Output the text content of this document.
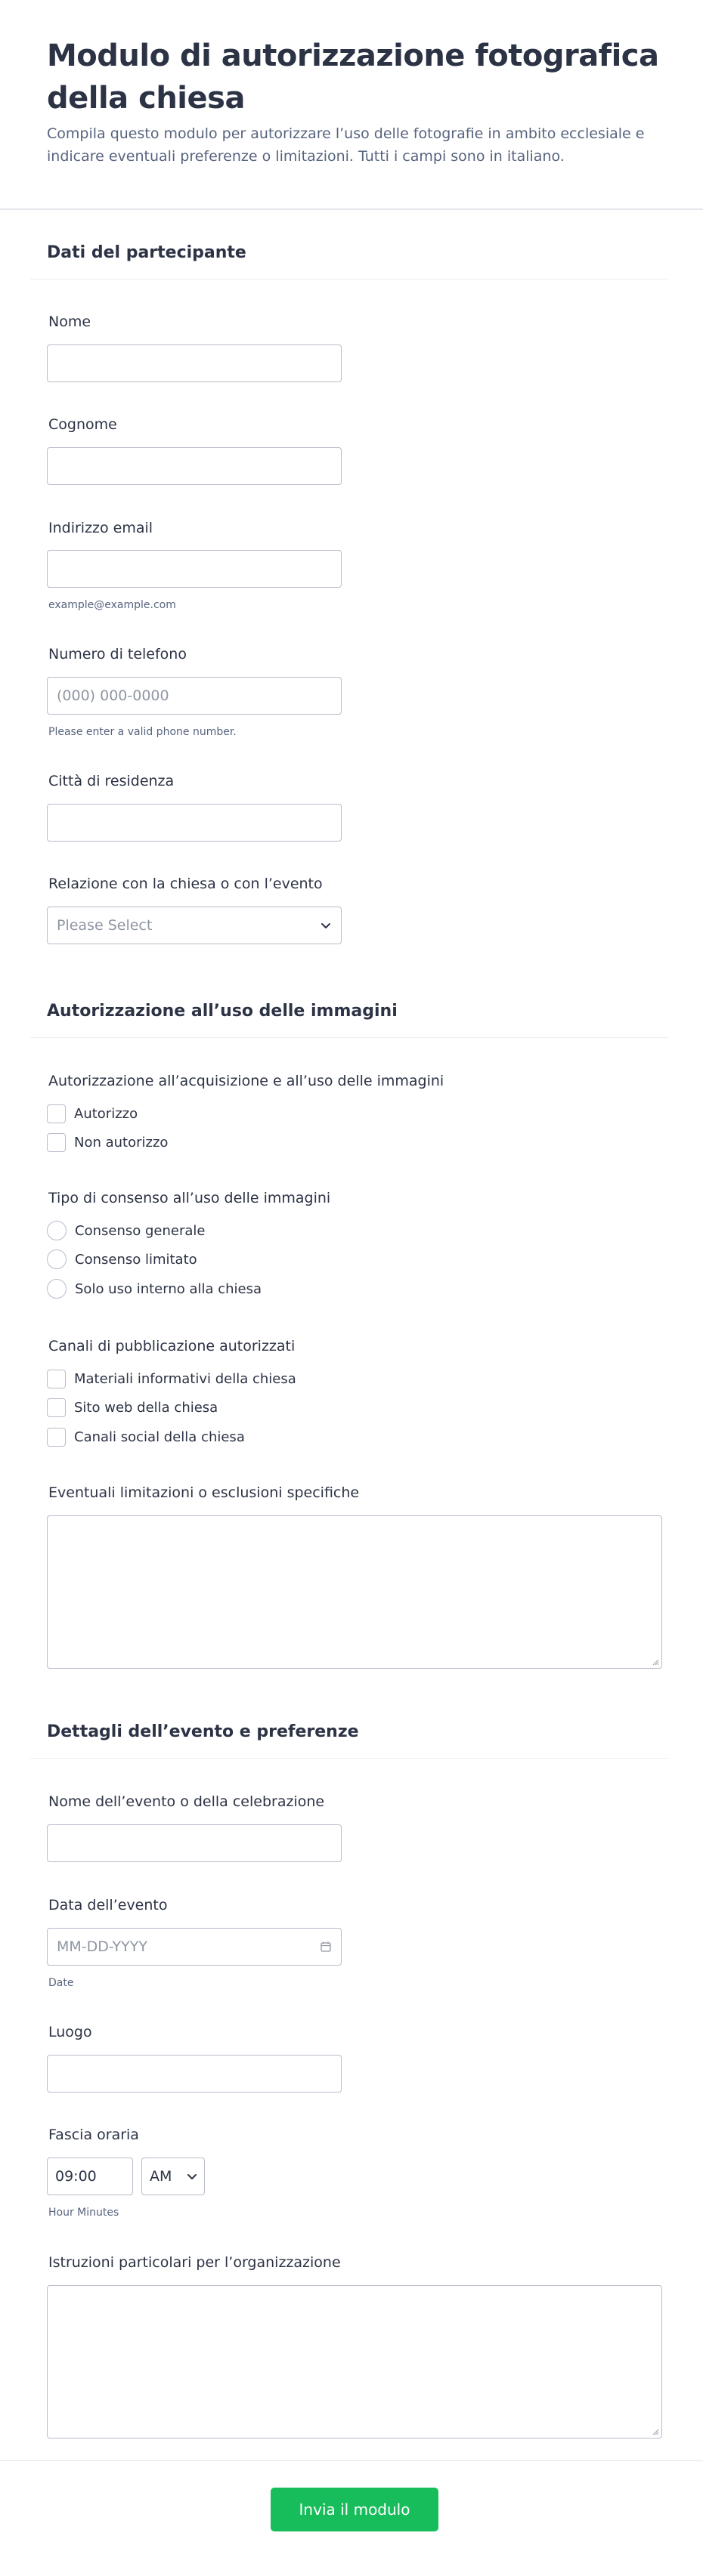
Modulo di autorizzazione fotografica
della chiesa
Compila questo modulo per autorizzare l’uso delle fotografie in ambito ecclesiale e
indicare eventuali preferenze o limitazioni. Tutti i campi sono in italiano.
Dati del partecipante
Nome
Cognome
Indirizzo email
example@example.com
Numero di telefono
(000) 000-0000
Please enter a valid phone number.
Città di residenza
Relazione con la chiesa o con l’evento
Please Select
Autorizzazione all’uso delle immagini
Autorizzazione all’acquisizione e all’uso delle immagini
Autorizzo
Non autorizzo
Tipo di consenso all’uso delle immagini
Consenso generale
Consenso limitato
Solo uso interno alla chiesa
Canali di pubblicazione autorizzati
Materiali informativi della chiesa
Sito web della chiesa
Canali social della chiesa
Eventuali limitazioni o esclusioni specifiche
Dettagli dell’evento e preferenze
Nome dell’evento o della celebrazione
Data dell’evento
MM-DD-YYYY
Date
Luogo
Fascia oraria
09:00	AM
Hour Minutes
Istruzioni particolari per l’organizzazione
Invia il modulo
